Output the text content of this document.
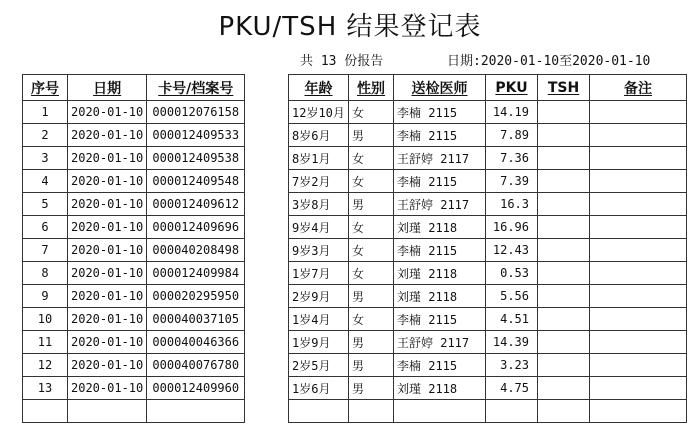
PKU/TSH 结果登记表
共 13 份报告	日期:2020-01-10至2020-01-10
序号	日期	卡号/档案号
1	2020-01-10	000012076158
2	2020-01-10	000012409533
3	2020-01-10	000012409538
4	2020-01-10	000012409548
5	2020-01-10	000012409612
6	2020-01-10	000012409696
7	2020-01-10	000040208498
8	2020-01-10	000012409984
9	2020-01-10	000020295950
10	2020-01-10	000040037105
11	2020-01-10	000040046366
12	2020-01-10	000040076780
13	2020-01-10	000012409960

年龄	性别	送检医师	PKU	TSH	备注
12岁10月	女	李楠 2115	14.19		
8岁6月	男	李楠 2115	7.89		
8岁1月	女	王舒婷 2117	7.36		
7岁2月	女	李楠 2115	7.39		
3岁8月	男	王舒婷 2117	16.3		
9岁4月	女	刘瑾 2118	16.96		
9岁3月	女	李楠 2115	12.43		
1岁7月	女	刘瑾 2118	0.53		
2岁9月	男	刘瑾 2118	5.56		
1岁4月	女	李楠 2115	4.51		
1岁9月	男	王舒婷 2117	14.39		
2岁5月	男	李楠 2115	3.23		
1岁6月	男	刘瑾 2118	4.75		
